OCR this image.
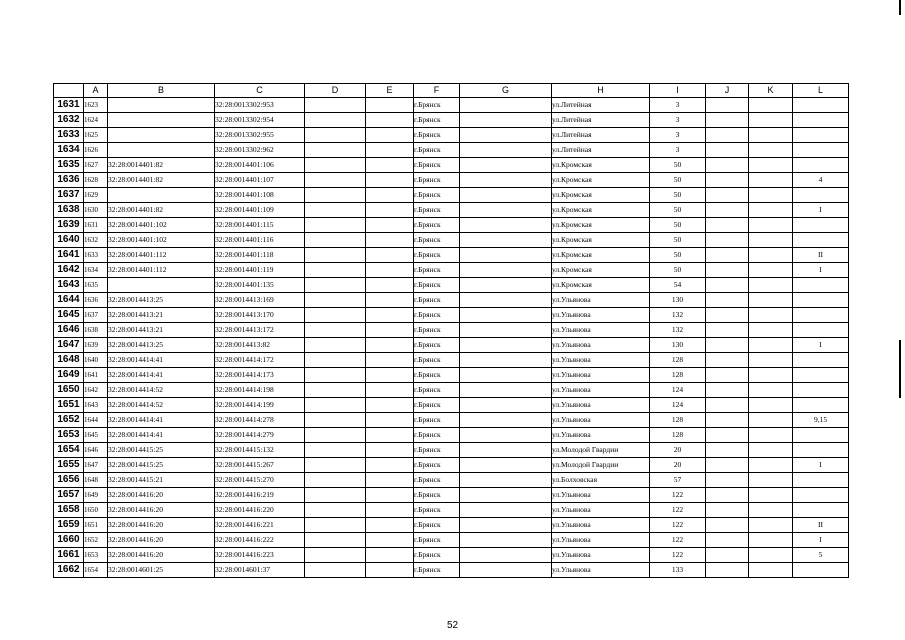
	A	B	C	D	E	F	G	H	I	J	K	L
1631	1623		32:28:0013302:953			г.Брянск		ул.Литейная	3			
1632	1624		32:28:0013302:954			г.Брянск		ул.Литейная	3			
1633	1625		32:28:0013302:955			г.Брянск		ул.Литейная	3			
1634	1626		32:28:0013302:962			г.Брянск		ул.Литейная	3			
1635	1627	32:28:0014401:82	32:28:0014401:106			г.Брянск		ул.Кромская	50			
1636	1628	32:28:0014401:82	32:28:0014401:107			г.Брянск		ул.Кромская	50			4
1637	1629		32:28:0014401:108			г.Брянск		ул.Кромская	50			
1638	1630	32:28:0014401:82	32:28:0014401:109			г.Брянск		ул.Кромская	50			I
1639	1631	32:28:0014401:102	32:28:0014401:115			г.Брянск		ул.Кромская	50			
1640	1632	32:28:0014401:102	32:28:0014401:116			г.Брянск		ул.Кромская	50			
1641	1633	32:28:0014401:112	32:28:0014401:118			г.Брянск		ул.Кромская	50			II
1642	1634	32:28:0014401:112	32:28:0014401:119			г.Брянск		ул.Кромская	50			I
1643	1635		32:28:0014401:135			г.Брянск		ул.Кромская	54			
1644	1636	32:28:0014413:25	32:28:0014413:169			г.Брянск		ул.Ульянова	130			
1645	1637	32:28:0014413:21	32:28:0014413:170			г.Брянск		ул.Ульянова	132			
1646	1638	32:28:0014413:21	32:28:0014413:172			г.Брянск		ул.Ульянова	132			
1647	1639	32:28:0014413:25	32:28:0014413:82			г.Брянск		ул.Ульянова	130			I
1648	1640	32:28:0014414:41	32:28:0014414:172			г.Брянск		ул.Ульянова	128			
1649	1641	32:28:0014414:41	32:28:0014414:173			г.Брянск		ул.Ульянова	128			
1650	1642	32:28:0014414:52	32:28:0014414:198			г.Брянск		ул.Ульянова	124			
1651	1643	32:28:0014414:52	32:28:0014414:199			г.Брянск		ул.Ульянова	124			
1652	1644	32:28:0014414:41	32:28:0014414:278			г.Брянск		ул.Ульянова	128			9,15
1653	1645	32:28:0014414:41	32:28:0014414:279			г.Брянск		ул.Ульянова	128			
1654	1646	32:28:0014415:25	32:28:0014415:132			г.Брянск		ул.Молодой Гвардии	20			
1655	1647	32:28:0014415:25	32:28:0014415:267			г.Брянск		ул.Молодой Гвардии	20			I
1656	1648	32:28:0014415:21	32:28:0014415:270			г.Брянск		ул.Болховская	57			
1657	1649	32:28:0014416:20	32:28:0014416:219			г.Брянск		ул.Ульянова	122			
1658	1650	32:28:0014416:20	32:28:0014416:220			г.Брянск		ул.Ульянова	122			
1659	1651	32:28:0014416:20	32:28:0014416:221			г.Брянск		ул.Ульянова	122			II
1660	1652	32:28:0014416:20	32:28:0014416:222			г.Брянск		ул.Ульянова	122			I
1661	1653	32:28:0014416:20	32:28:0014416:223			г.Брянск		ул.Ульянова	122			5
1662	1654	32:28:0014601:25	32:28:0014601:37			г.Брянск		ул.Ульянова	133			
52
